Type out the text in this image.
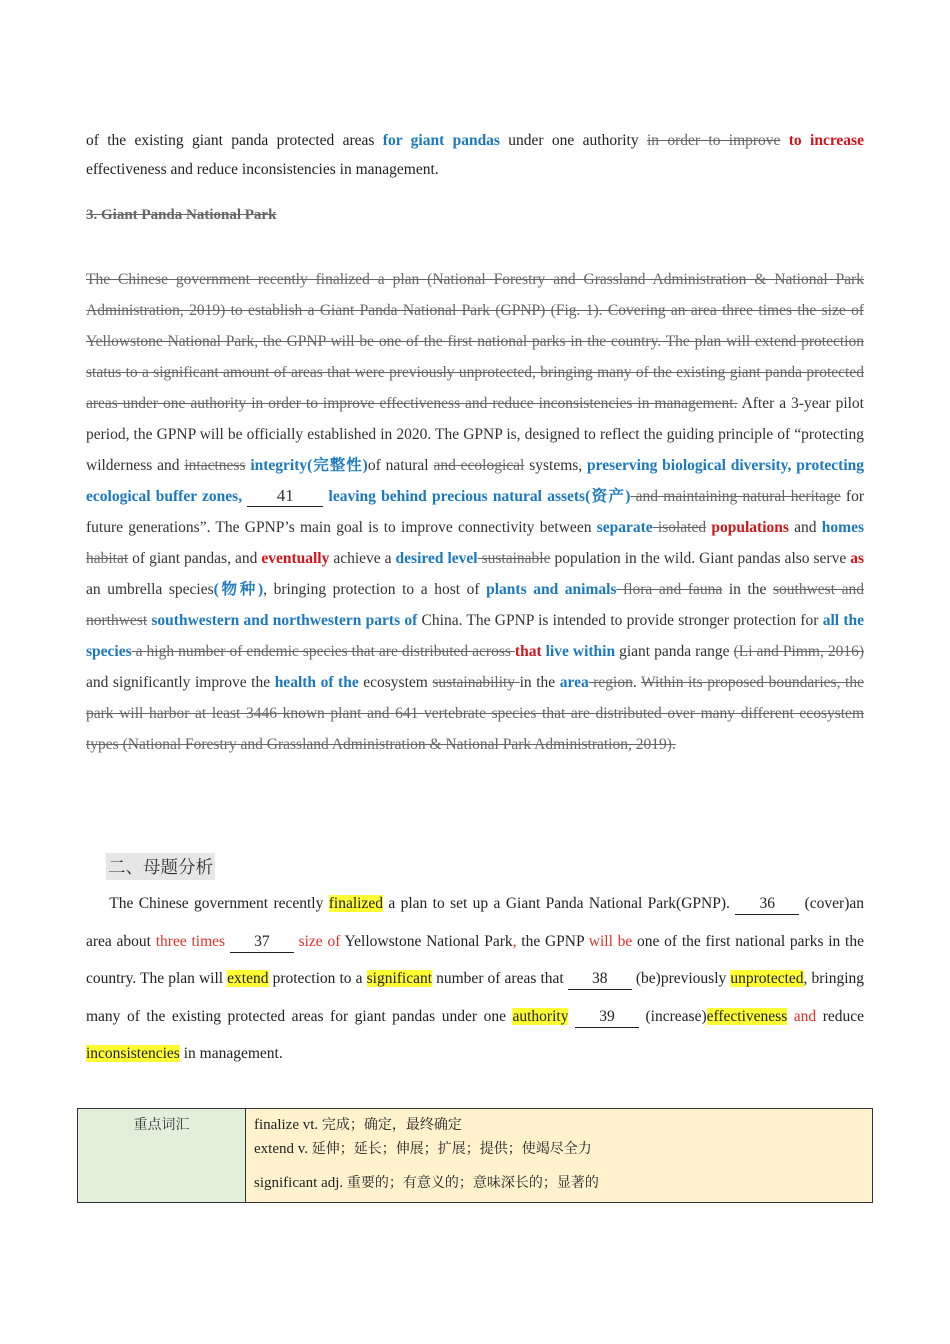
of the existing giant panda protected areas for giant pandas under one authority in order to improve to increase effectiveness and reduce inconsistencies in management.
3. Giant Panda National Park
The Chinese government recently finalized a plan (National Forestry and Grassland Administration & National Park Administration, 2019) to establish a Giant Panda National Park (GPNP) (Fig. 1). Covering an area three times the size of Yellowstone National Park, the GPNP will be one of the first national parks in the country. The plan will extend protection status to a significant amount of areas that were previously unprotected, bringing many of the existing giant panda protected areas under one authority in order to improve effectiveness and reduce inconsistencies in management. After a 3-year pilot period, the GPNP will be officially established in 2020. The GPNP is, designed to reflect the guiding principle of “protecting wilderness and intactness integrity(完整性)of natural and ecological systems, preserving biological diversity, protecting ecological buffer zones, 41 leaving behind precious natural assets(资产) and maintaining natural heritage for future generations”. The GPNP’s main goal is to improve connectivity between separate isolated populations and homes habitat of giant pandas, and eventually achieve a desired level sustainable population in the wild. Giant pandas also serve as an umbrella species(物种), bringing protection to a host of plants and animals flora and fauna in the southwest and northwest southwestern and northwestern parts of China. The GPNP is intended to provide stronger protection for all the species a high number of endemic species that are distributed across that live within giant panda range (Li and Pimm, 2016) and significantly improve the health of the ecosystem sustainability in the area region. Within its proposed boundaries, the park will harbor at least 3446 known plant and 641 vertebrate species that are distributed over many different ecosystem types (National Forestry and Grassland Administration & National Park Administration, 2019).
二、母题分析
  The Chinese government recently finalized a plan to set up a Giant Panda National Park(GPNP). 36 (cover)an area about three times 37 size of Yellowstone National Park, the GPNP will be one of the first national parks in the country. The plan will extend protection to a significant number of areas that 38 (be)previously unprotected, bringing many of the existing protected areas for giant pandas under one authority 39 (increase)effectiveness and reduce inconsistencies in management.
重点词汇	finalize vt. 完成；确定，最终确定
extend v. 延伸；延长；伸展；扩展；提供；使竭尽全力
significant adj. 重要的；有意义的；意味深长的；显著的
